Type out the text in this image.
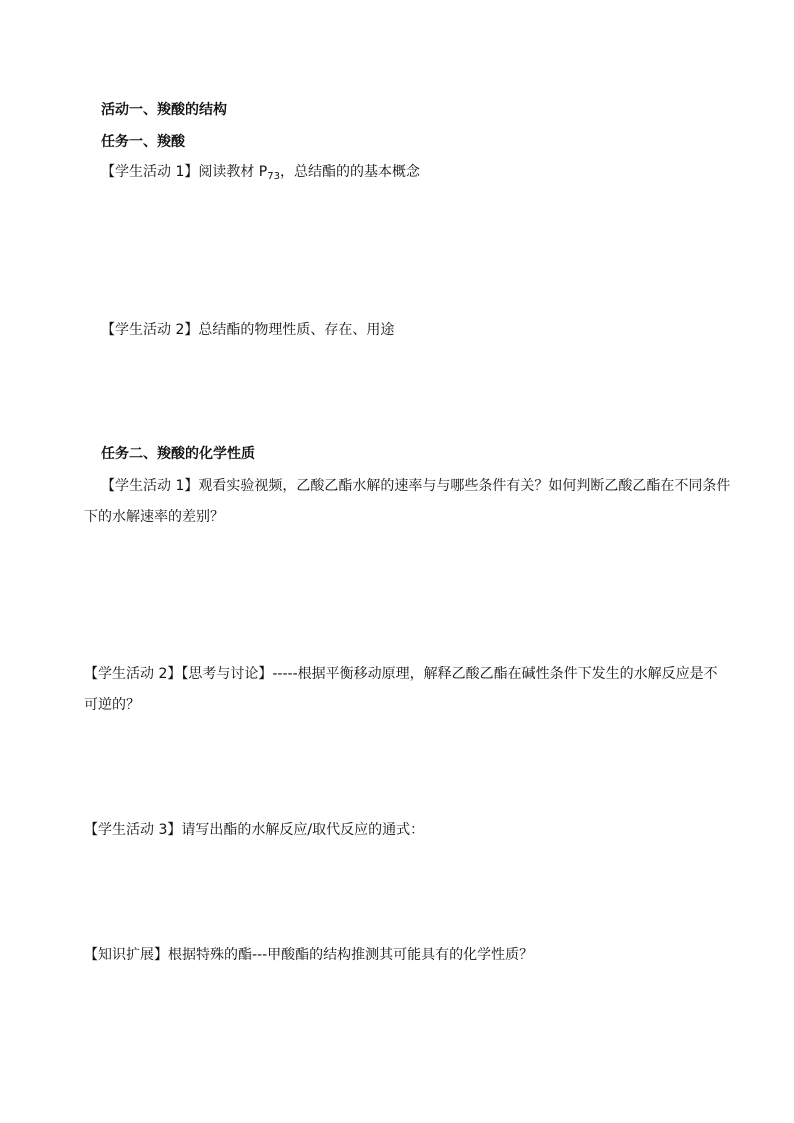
活动一、羧酸的结构
任务一、羧酸
【学生活动 1】阅读教材 $P_{73}$，总结酯的的基本概念
【学生活动 2】总结酯的物理性质、存在、用途
任务二、羧酸的化学性质
【学生活动 1】观看实验视频，乙酸乙酯水解的速率与与哪些条件有关？如何判断乙酸乙酯在不同条件
下的水解速率的差别？
【学生活动 2】【思考与讨论】-----根据平衡移动原理，解释乙酸乙酯在碱性条件下发生的水解反应是不
可逆的？
【学生活动 3】请写出酯的水解反应/取代反应的通式：
【知识扩展】根据特殊的酯---甲酸酯的结构推测其可能具有的化学性质？
